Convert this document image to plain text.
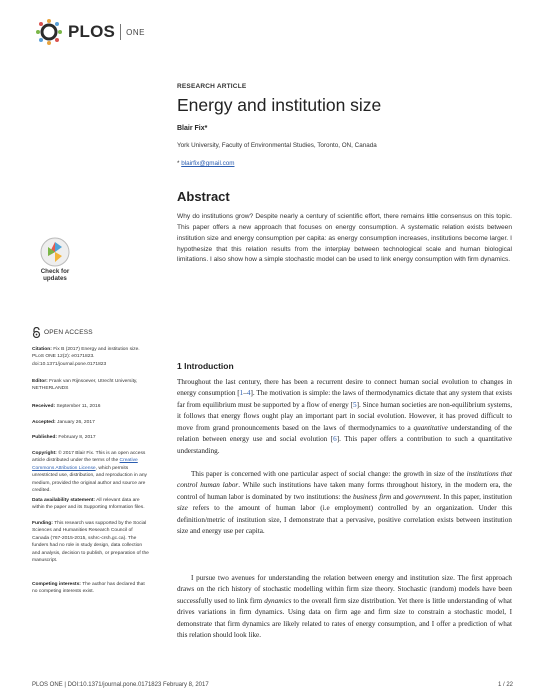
PLOS ONE
RESEARCH ARTICLE
Energy and institution size
Blair Fix*
York University, Faculty of Environmental Studies, Toronto, ON, Canada
* blairfix@gmail.com
Abstract

Why do institutions grow? Despite nearly a century of scientific effort, there remains little consensus on this topic. This paper offers a new approach that focuses on energy consumption. A systematic relation exists between institution size and energy consumption per capita: as energy consumption increases, institutions become larger. I hypothesize that this relation results from the interplay between technological scale and human biological limitations. I also show how a simple stochastic model can be used to link energy consumption with firm dynamics.

Check for
updates
OPEN ACCESS
Citation: Fix B (2017) Energy and institution size. PLoS ONE 12(2): e0171823. doi:10.1371/journal.pone.0171823
Editor: Frank van Rijnsoever, Utrecht University, NETHERLANDS
Received: September 11, 2016
Accepted: January 26, 2017
Published: February 8, 2017
Copyright: © 2017 Blair Fix. This is an open access article distributed under the terms of the Creative Commons Attribution License, which permits unrestricted use, distribution, and reproduction in any medium, provided the original author and source are credited.
Data availability statement: All relevant data are within the paper and its Supporting Information files.
Funding: This research was supported by the Social Sciences and Humanities Research Council of Canada (767-2015-2015, sshrc-crsh.gc.ca). The funders had no role in study design, data collection and analysis, decision to publish, or preparation of the manuscript.
Competing interests: The author has declared that no competing interests exist.
1 Introduction

Throughout the last century, there has been a recurrent desire to connect human social evolution to changes in energy consumption [1–4]. The motivation is simple: the laws of thermodynamics dictate that any system that exists far from equilibrium must be supported by a flow of energy [5]. Since human societies are non-equilibrium systems, it follows that energy flows ought play an important part in social evolution. However, it has proved difficult to move from grand pronouncements based on the laws of thermodynamics to a quantitative understanding of the relation between energy use and social evolution [6]. This paper offers a contribution to such a quantitative understanding.

This paper is concerned with one particular aspect of social change: the growth in size of the institutions that control human labor. While such institutions have taken many forms throughout history, in the modern era, the control of human labor is dominated by two institutions: the business firm and government. In this paper, institution size refers to the amount of human labor (i.e employment) controlled by an organization. Under this definition/metric of institution size, I demonstrate that a pervasive, positive correlation exists between institution size and energy use per capita.

I pursue two avenues for understanding the relation between energy and institution size. The first approach draws on the rich history of stochastic modelling within firm size theory. Stochastic (random) models have been successfully used to link firm dynamics to the overall firm size distribution. Yet there is little understanding of what drives variations in firm dynamics. Using data on firm age and firm size to constrain a stochastic model, I demonstrate that firm dynamics are likely related to rates of energy consumption, and I offer a prediction of what this relation should look like.

PLOS ONE | DOI:10.1371/journal.pone.0171823 February 8, 2017	1 / 22
